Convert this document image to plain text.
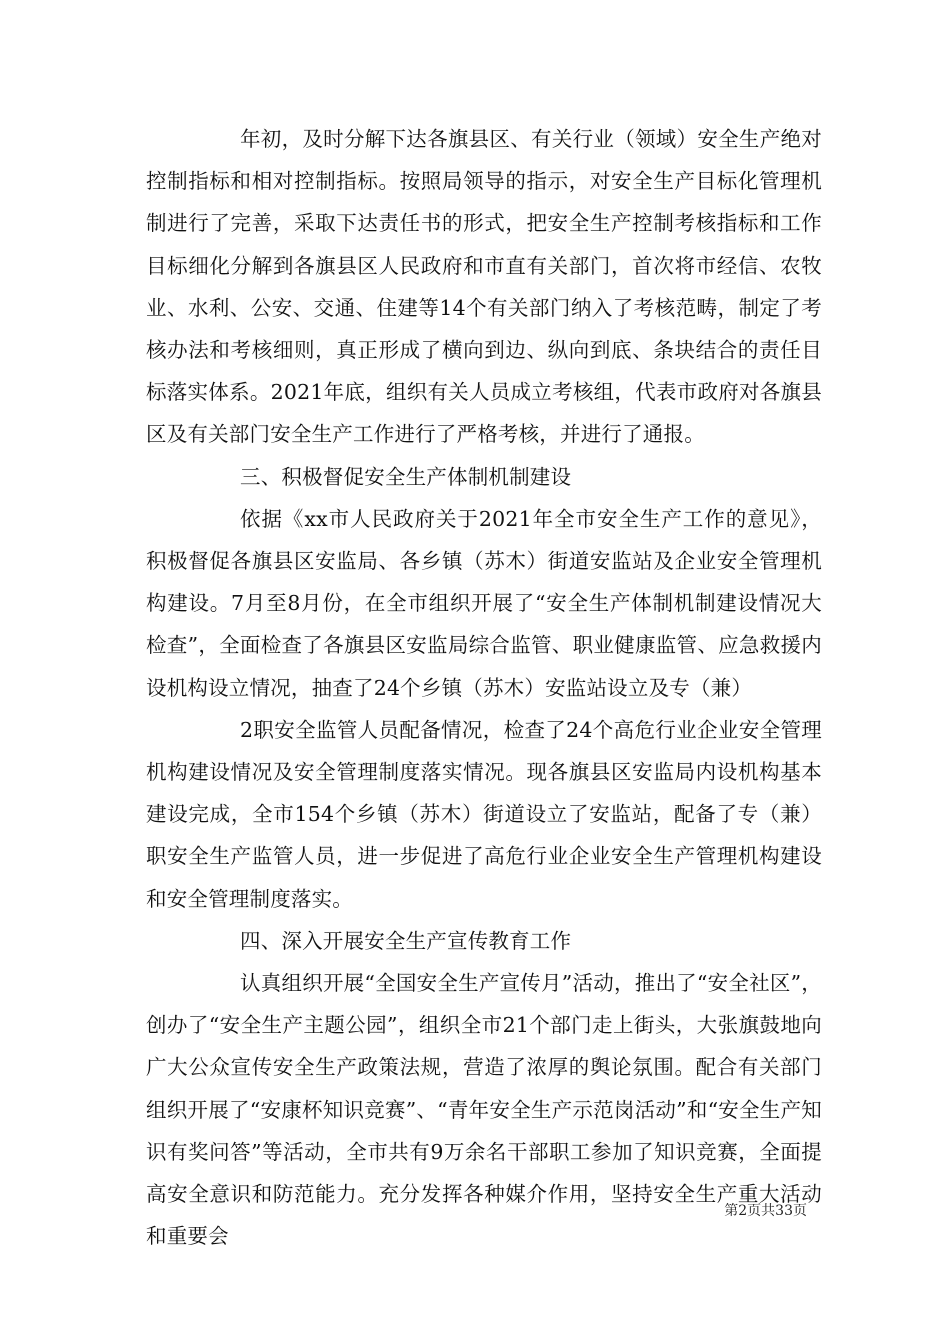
年初，及时分解下达各旗县区、有关行业（领域）安全生产绝对控制指标和相对控制指标。按照局领导的指示，对安全生产目标化管理机制进行了完善，采取下达责任书的形式，把安全生产控制考核指标和工作目标细化分解到各旗县区人民政府和市直有关部门，首次将市经信、农牧业、水利、公安、交通、住建等14个有关部门纳入了考核范畴，制定了考核办法和考核细则，真正形成了横向到边、纵向到底、条块结合的责任目标落实体系。2021年底，组织有关人员成立考核组，代表市政府对各旗县区及有关部门安全生产工作进行了严格考核，并进行了通报。

三、积极督促安全生产体制机制建设

依据《xx市人民政府关于2021年全市安全生产工作的意见》，积极督促各旗县区安监局、各乡镇（苏木）街道安监站及企业安全管理机构建设。7月至8月份，在全市组织开展了“安全生产体制机制建设情况大检查”，全面检查了各旗县区安监局综合监管、职业健康监管、应急救援内设机构设立情况，抽查了24个乡镇（苏木）安监站设立及专（兼）

2职安全监管人员配备情况，检查了24个高危行业企业安全管理机构建设情况及安全管理制度落实情况。现各旗县区安监局内设机构基本建设完成，全市154个乡镇（苏木）街道设立了安监站，配备了专（兼）职安全生产监管人员，进一步促进了高危行业企业安全生产管理机构建设和安全管理制度落实。

四、深入开展安全生产宣传教育工作

认真组织开展“全国安全生产宣传月”活动，推出了“安全社区”，创办了“安全生产主题公园”，组织全市21个部门走上街头，大张旗鼓地向广大公众宣传安全生产政策法规，营造了浓厚的舆论氛围。配合有关部门组织开展了“安康杯知识竞赛”、“青年安全生产示范岗活动”和“安全生产知识有奖问答”等活动，全市共有9万余名干部职工参加了知识竞赛，全面提高安全意识和防范能力。充分发挥各种媒介作用，坚持安全生产重大活动和重要会

第2页共33页
